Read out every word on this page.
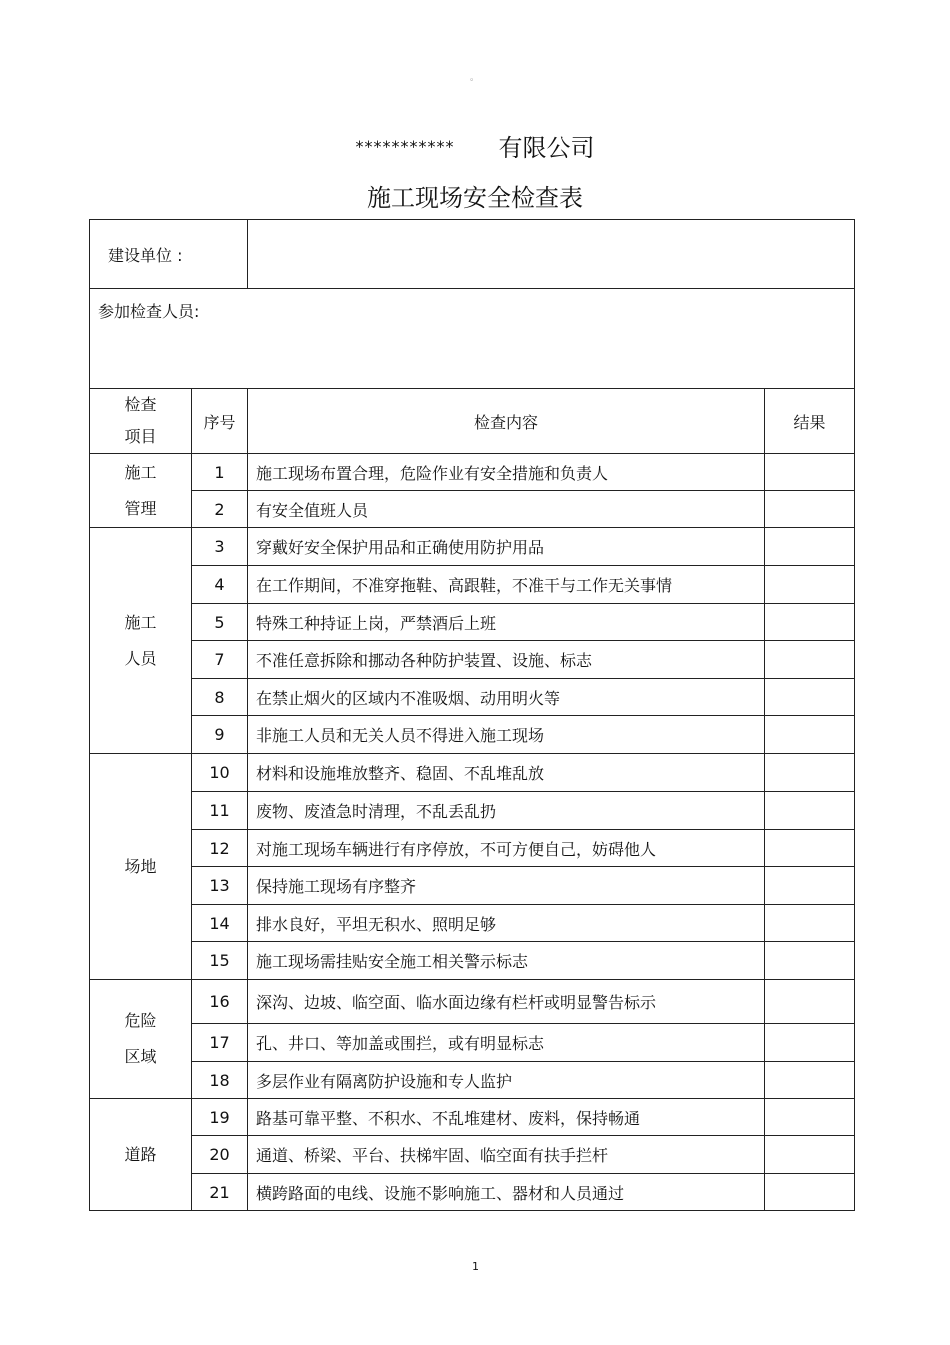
。
*********** 有限公司
施工现场安全检查表
建设单位 :			
参加检查人员:			
检查
项目	序号	检查内容	结果
施工
管理	1	施工现场布置合理，危险作业有安全措施和负责人	
	2	有安全值班人员	
施工
人员	3	穿戴好安全保护用品和正确使用防护用品	
	4	在工作期间，不准穿拖鞋、高跟鞋，不准干与工作无关事情	
	5	特殊工种持证上岗，严禁酒后上班	
	7	不准任意拆除和挪动各种防护装置、设施、标志	
	8	在禁止烟火的区域内不准吸烟、动用明火等	
	9	非施工人员和无关人员不得进入施工现场	
场地	10	材料和设施堆放整齐、稳固、不乱堆乱放	
	11	废物、废渣急时清理，不乱丢乱扔	
	12	对施工现场车辆进行有序停放，不可方便自己，妨碍他人	
	13	保持施工现场有序整齐	
	14	排水良好，平坦无积水、照明足够	
	15	施工现场需挂贴安全施工相关警示标志	
危险
区域	16	深沟、边坡、临空面、临水面边缘有栏杆或明显警告标示	
	17	孔、井口、等加盖或围拦，或有明显标志	
	18	多层作业有隔离防护设施和专人监护	
道路	19	路基可靠平整、不积水、不乱堆建材、废料，保持畅通	
	20	通道、桥梁、平台、扶梯牢固、临空面有扶手拦杆	
	21	横跨路面的电线、设施不影响施工、器材和人员通过	
1
